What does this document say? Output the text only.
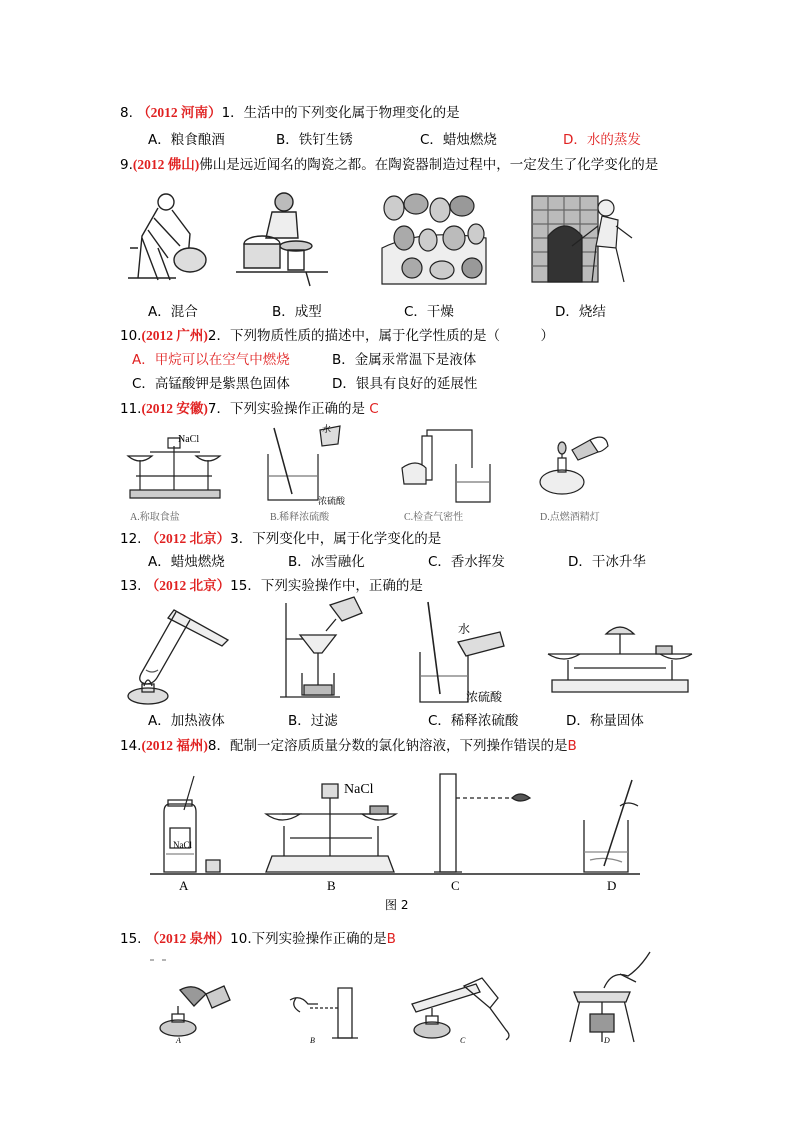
8. （2012 河南）1．生活中的下列变化属于物理变化的是
A．粮食酿酒	B．铁钉生锈	C．蜡烛燃烧	D．水的蒸发
9.(2012 佛山)佛山是远近闻名的陶瓷之都。在陶瓷器制造过程中，一定发生了化学变化的是
A．混合	B．成型	C．干燥	D．烧结
10.(2012 广州)2．下列物质性质的描述中，属于化学性质的是（　　　）
A．甲烷可以在空气中燃烧	B．金属汞常温下是液体
C．高锰酸钾是紫黑色固体	D．银具有良好的延展性
11.(2012 安徽)7．下列实验操作正确的是 C
NaCl
水
浓硫酸
A.称取食盐	B.稀释浓硫酸	C.检查气密性	D.点燃酒精灯
12. （2012 北京）3．下列变化中，属于化学变化的是
A．蜡烛燃烧	B．冰雪融化	C．香水挥发	D．干冰升华
13. （2012 北京）15．下列实验操作中，正确的是
水
浓硫酸
A．加热液体	B．过滤	C．稀释浓硫酸	D．称量固体
14.(2012 福州)8．配制一定溶质质量分数的氯化钠溶液，下列操作错误的是B
NaCl
NaCl
A	B	C	D
图 2
15. （2012 泉州）10.下列实验操作正确的是B
A	B	C	D
